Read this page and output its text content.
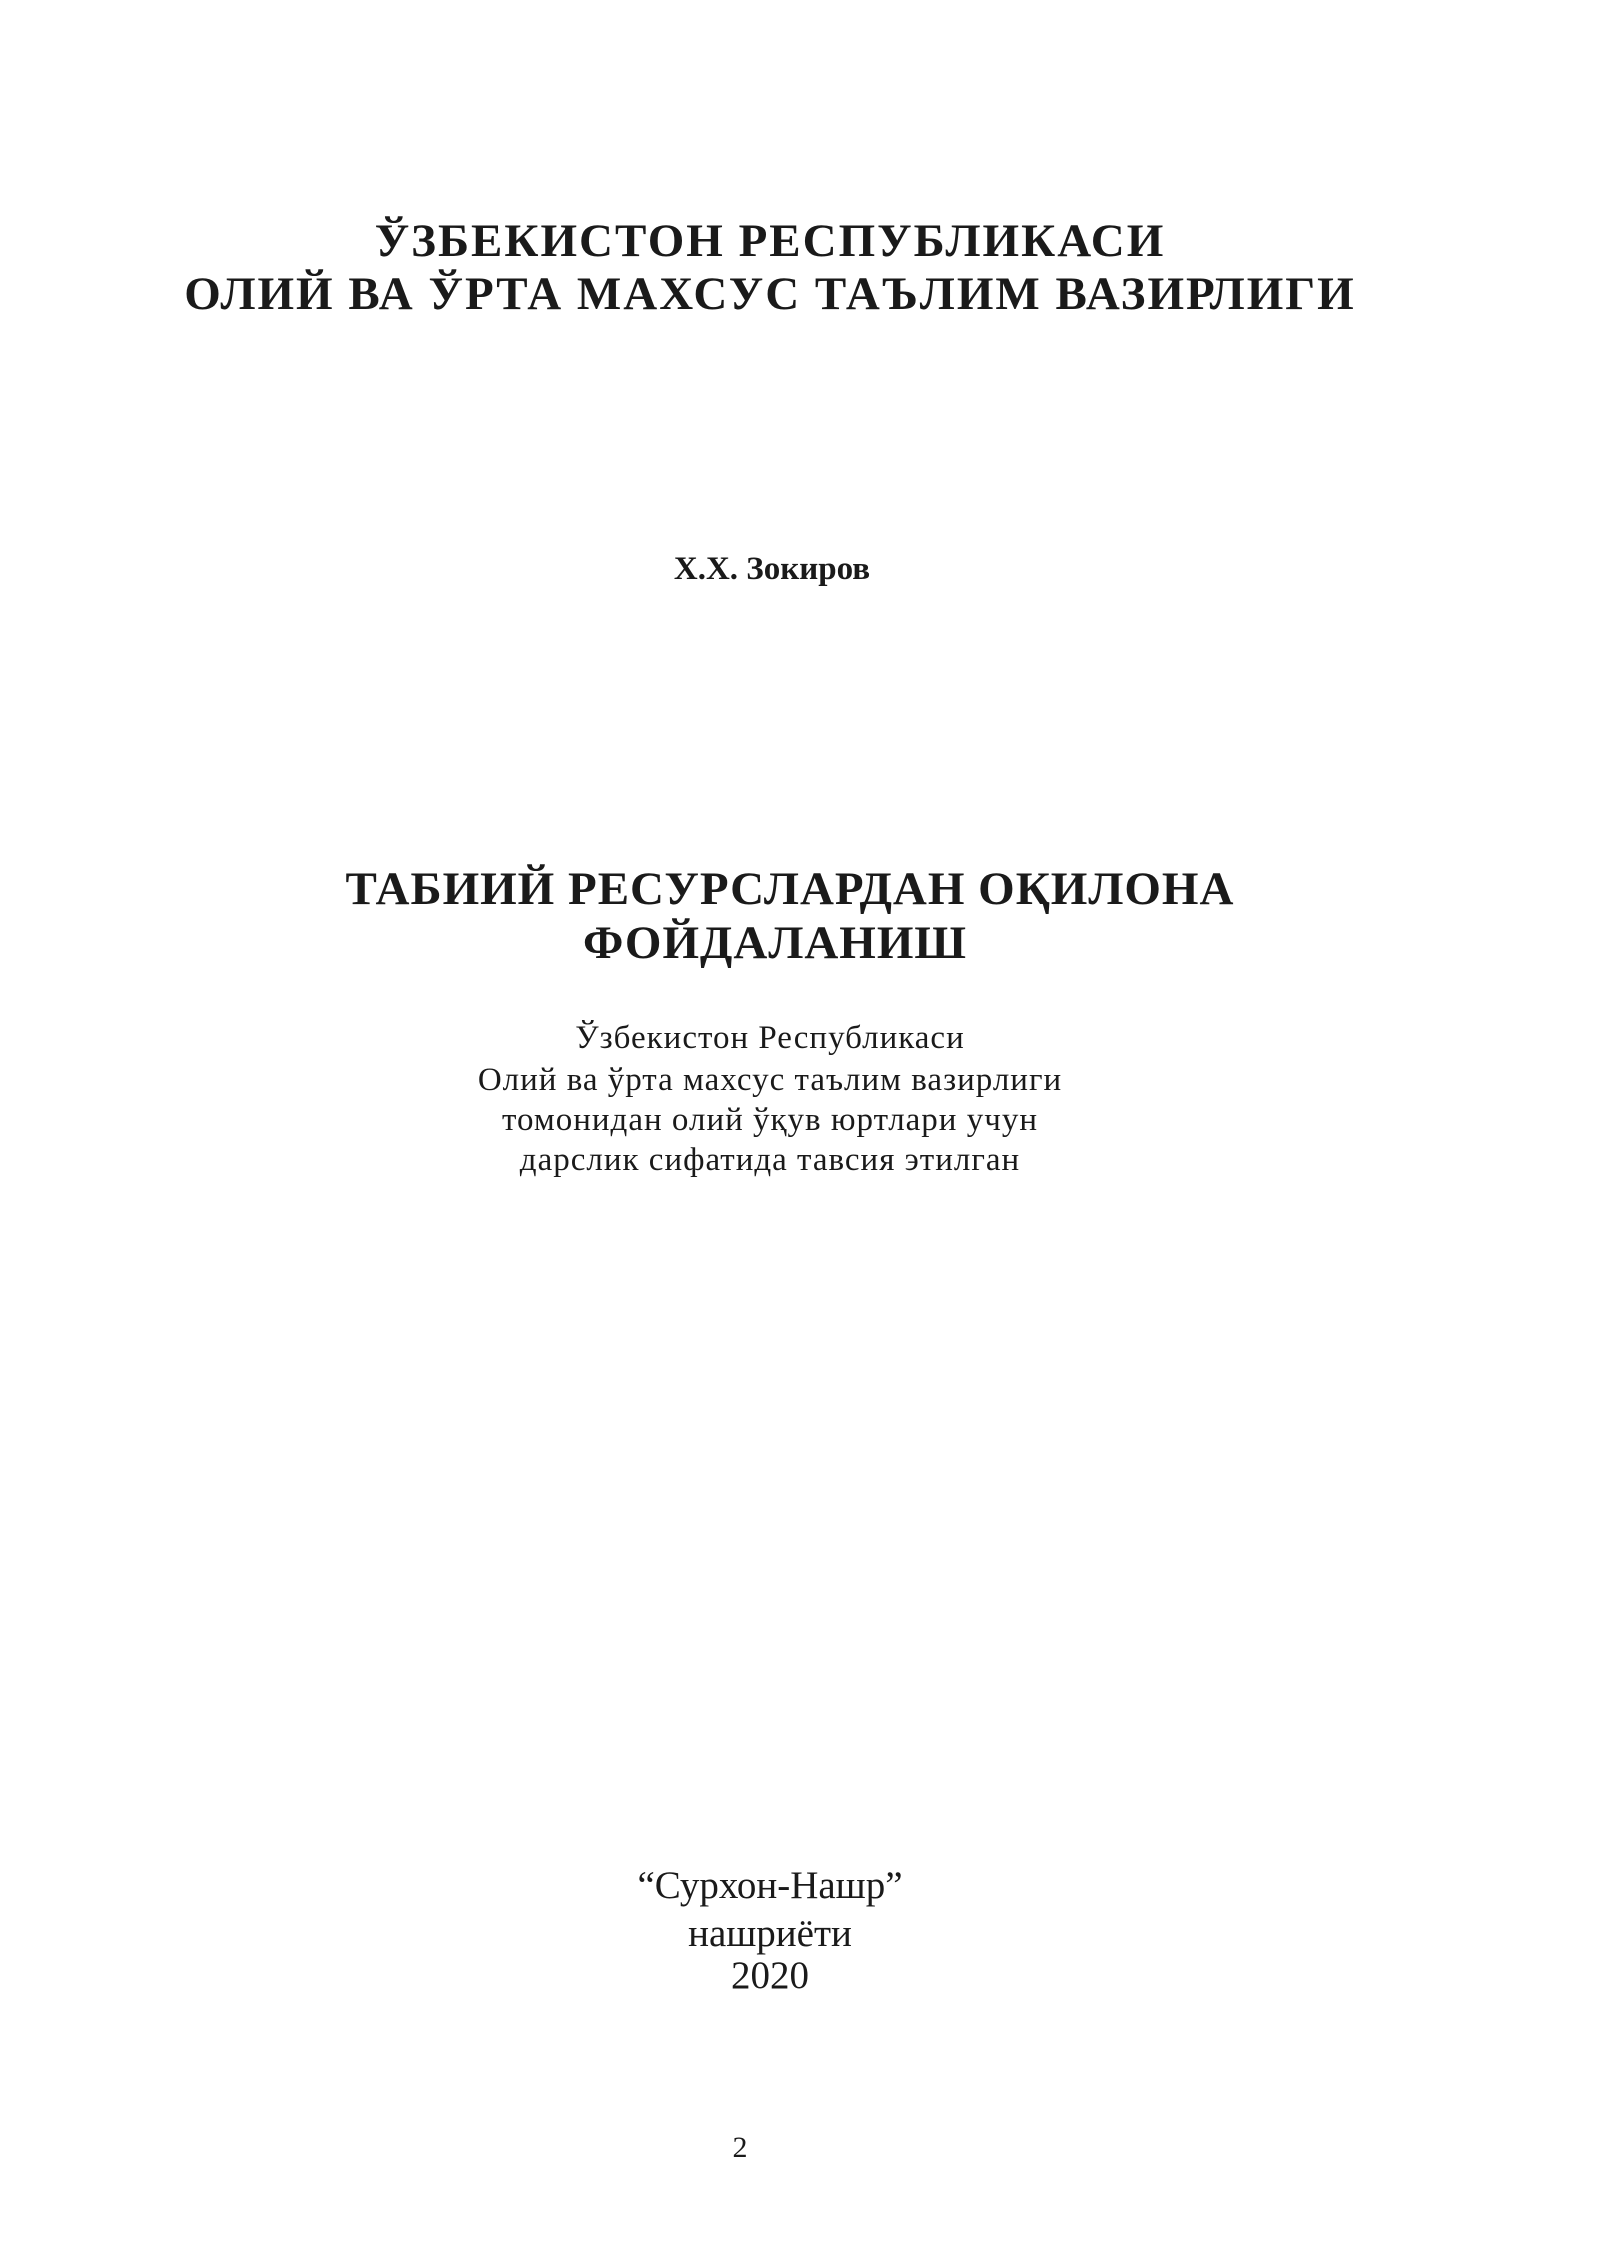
ЎЗБЕКИСТОН РЕСПУБЛИКАСИ

ОЛИЙ ВА ЎРТА МАХСУС ТАЪЛИМ ВАЗИРЛИГИ

Х.Х. Зокиров

ТАБИИЙ РЕСУРСЛАРДАН ОҚИЛОНА

ФОЙДАЛАНИШ

Ўзбекистон Республикаси

Олий ва ўрта махсус таълим вазирлиги

томонидан олий ўқув юртлари учун

дарслик сифатида тавсия этилган

“Сурхон-Нашр”

нашриёти

2020

2
